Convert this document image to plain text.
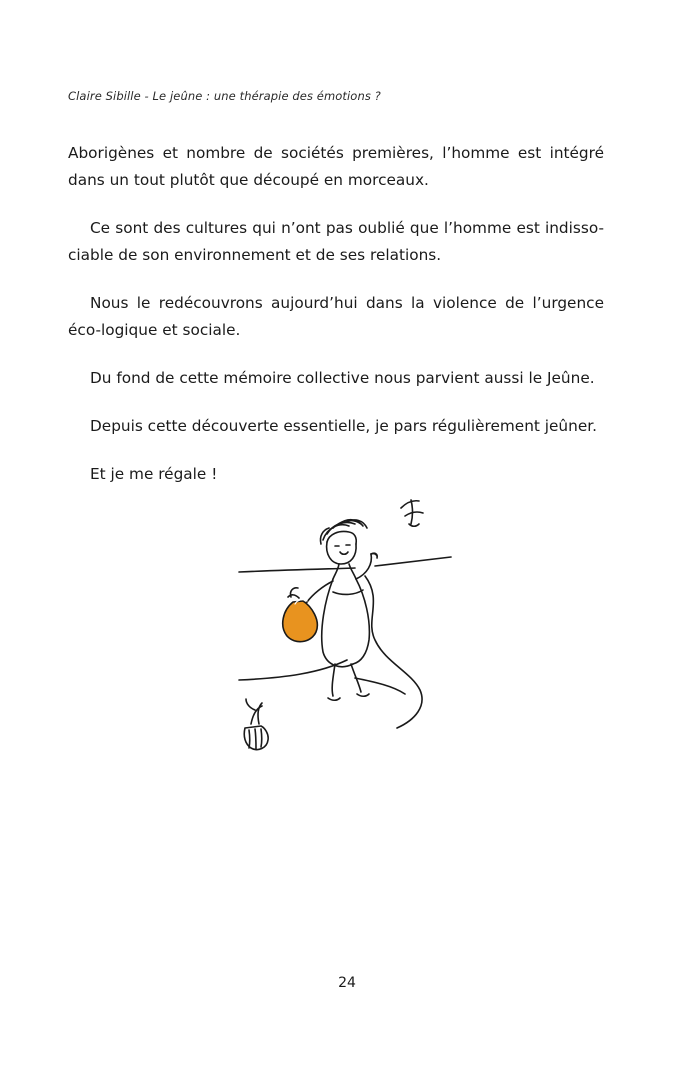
Claire Sibille - Le jeûne : une thérapie des émotions ?

Aborigènes et nombre de sociétés premières, l’homme est intégré dans un tout plutôt que découpé en morceaux.

Ce sont des cultures qui n’ont pas oublié que l’homme est indisso-ciable de son environnement et de ses relations.

Nous le redécouvrons aujourd’hui dans la violence de l’urgence éco-logique et sociale.

Du fond de cette mémoire collective nous parvient aussi le Jeûne.

Depuis cette découverte essentielle, je pars régulièrement jeûner.

Et je me régale !

24
